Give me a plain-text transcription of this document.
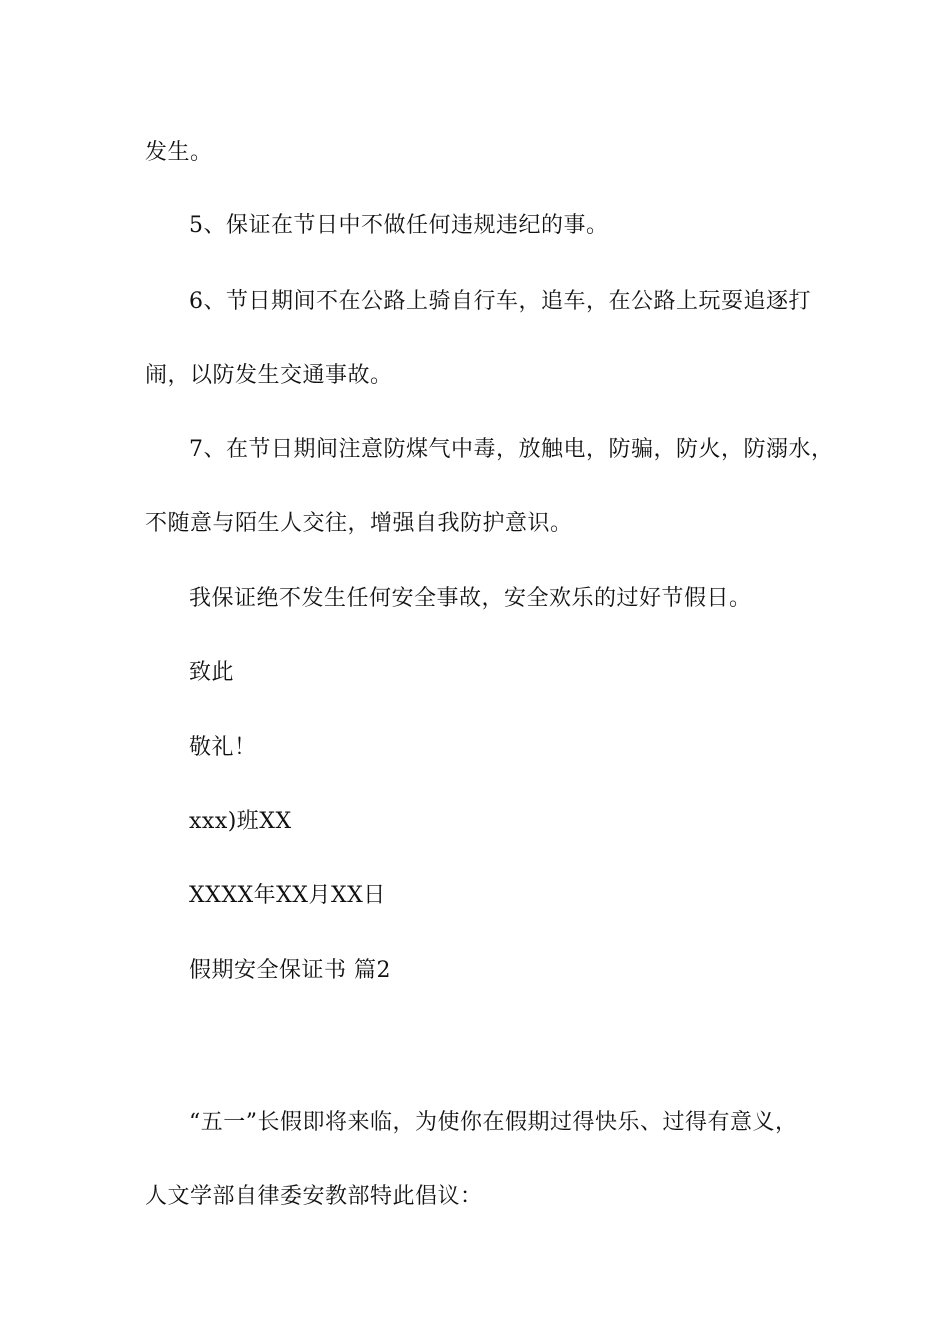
发生。
5、保证在节日中不做任何违规违纪的事。
6、节日期间不在公路上骑自行车，追车，在公路上玩耍追逐打
闹，以防发生交通事故。
7、在节日期间注意防煤气中毒，放触电，防骗，防火，防溺水，
不随意与陌生人交往，增强自我防护意识。
我保证绝不发生任何安全事故，安全欢乐的过好节假日。
致此
敬礼！
xxx)班XX
XXXX年XX月XX日
假期安全保证书 篇2
“五一”长假即将来临，为使你在假期过得快乐、过得有意义，
人文学部自律委安教部特此倡议：
